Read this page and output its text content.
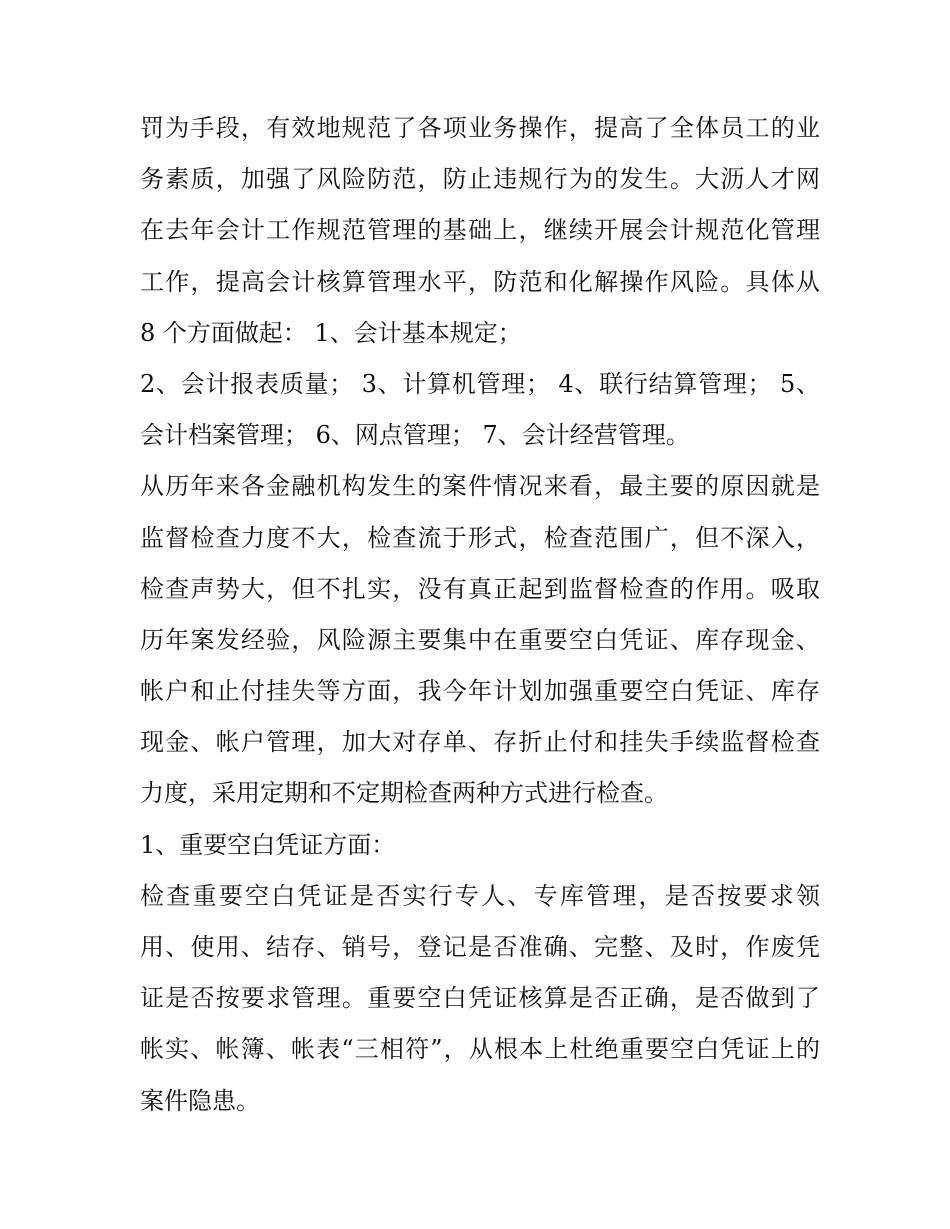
罚为手段，有效地规范了各项业务操作，提高了全体员工的业
务素质，加强了风险防范，防止违规行为的发生。大沥人才网
在去年会计工作规范管理的基础上，继续开展会计规范化管理
工作，提高会计核算管理水平，防范和化解操作风险。具体从
8 个方面做起： 1、会计基本规定；
2、会计报表质量； 3、计算机管理； 4、联行结算管理； 5、
会计档案管理； 6、网点管理； 7、会计经营管理。
从历年来各金融机构发生的案件情况来看，最主要的原因就是
监督检查力度不大，检查流于形式，检查范围广，但不深入，
检查声势大，但不扎实，没有真正起到监督检查的作用。吸取
历年案发经验，风险源主要集中在重要空白凭证、库存现金、
帐户和止付挂失等方面，我今年计划加强重要空白凭证、库存
现金、帐户管理，加大对存单、存折止付和挂失手续监督检查
力度，采用定期和不定期检查两种方式进行检查。
1、重要空白凭证方面：
检查重要空白凭证是否实行专人、专库管理，是否按要求领
用、使用、结存、销号，登记是否准确、完整、及时，作废凭
证是否按要求管理。重要空白凭证核算是否正确，是否做到了
帐实、帐簿、帐表“三相符”，从根本上杜绝重要空白凭证上的
案件隐患。
